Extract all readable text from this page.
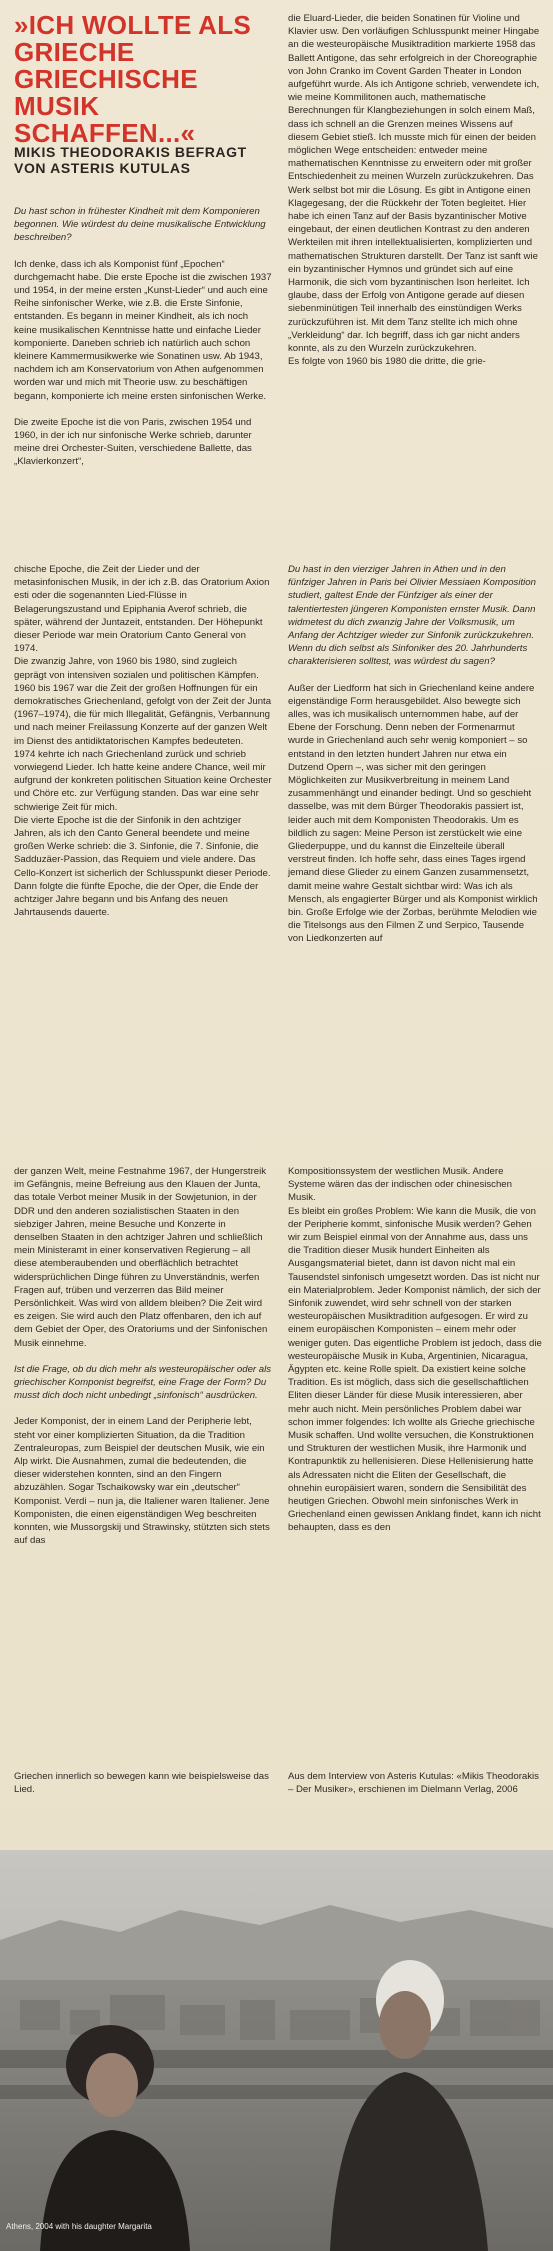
»ICH WOLLTE ALS GRIECHE GRIECHISCHE MUSIK SCHAFFEN...«
MIKIS THEODORAKIS BEFRAGT VON ASTERIS KUTULAS

Du hast schon in frühester Kindheit mit dem Komponieren begonnen. Wie würdest du deine musikalische Entwicklung beschreiben?

Ich denke, dass ich als Komponist fünf „Epochen“ durchgemacht habe. Die erste Epoche ist die zwischen 1937 und 1954, in der meine ersten „Kunst-Lieder“ und auch eine Reihe sinfonischer Werke, wie z.B. die Erste Sinfonie, entstanden. Es begann in meiner Kindheit, als ich noch keine musikalischen Kenntnisse hatte und einfache Lieder komponierte. Daneben schrieb ich natürlich auch schon kleinere Kammermusikwerke wie Sonatinen usw. Ab 1943, nachdem ich am Konservatorium von Athen aufgenommen worden war und mich mit Theorie usw. zu beschäftigen begann, komponierte ich meine ersten sinfonischen Werke.

Die zweite Epoche ist die von Paris, zwischen 1954 und 1960, in der ich nur sinfonische Werke schrieb, darunter meine drei Orchester-Suiten, verschiedene Ballette, das „Klavierkonzert“,

die Eluard-Lieder, die beiden Sonatinen für Violine und Klavier usw. Den vorläufigen Schlusspunkt meiner Hingabe an die westeuropäische Musiktradition markierte 1958 das Ballett Antigone, das sehr erfolgreich in der Choreographie von John Cranko im Covent Garden Theater in London aufgeführt wurde. Als ich Antigone schrieb, verwendete ich, wie meine Kommilitonen auch, mathematische Berechnungen für Klangbeziehungen in solch einem Maß, dass ich schnell an die Grenzen meines Wissens auf diesem Gebiet stieß. Ich musste mich für einen der beiden möglichen Wege entscheiden: entweder meine mathematischen Kenntnisse zu erweitern oder mit großer Entschiedenheit zu meinen Wurzeln zurückzukehren. Das Werk selbst bot mir die Lösung. Es gibt in Antigone einen Klagegesang, der die Rückkehr der Toten begleitet. Hier habe ich einen Tanz auf der Basis byzantinischer Motive eingebaut, der einen deutlichen Kontrast zu den anderen Werkteilen mit ihren intellektualisierten, komplizierten und mathematischen Strukturen darstellt. Der Tanz ist sanft wie ein byzantinischer Hymnos und gründet sich auf eine Harmonik, die sich vom byzantinischen Ison herleitet. Ich glaube, dass der Erfolg von Antigone gerade auf diesen siebenminütigen Teil innerhalb des einstündigen Werks zurückzuführen ist. Mit dem Tanz stellte ich mich ohne „Verkleidung“ dar. Ich begriff, dass ich gar nicht anders konnte, als zu den Wurzeln zurückzukehren.

Es folgte von 1960 bis 1980 die dritte, die grie-

chische Epoche, die Zeit der Lieder und der metasinfonischen Musik, in der ich z.B. das Oratorium Axion esti oder die sogenannten Lied-Flüsse in Belagerungszustand und Epiphania Averof schrieb, die später, während der Juntazeit, entstanden. Der Höhepunkt dieser Periode war mein Oratorium Canto General von 1974.

Die zwanzig Jahre, von 1960 bis 1980, sind zugleich geprägt von intensiven sozialen und politischen Kämpfen. 1960 bis 1967 war die Zeit der großen Hoffnungen für ein demokratisches Griechenland, gefolgt von der Zeit der Junta (1967–1974), die für mich Illegalität, Gefängnis, Verbannung und nach meiner Freilassung Konzerte auf der ganzen Welt im Dienst des antidiktatorischen Kampfes bedeuteten.

1974 kehrte ich nach Griechenland zurück und schrieb vorwiegend Lieder. Ich hatte keine andere Chance, weil mir aufgrund der konkreten politischen Situation keine Orchester und Chöre etc. zur Verfügung standen. Das war eine sehr schwierige Zeit für mich.

Die vierte Epoche ist die der Sinfonik in den achtziger Jahren, als ich den Canto General beendete und meine großen Werke schrieb: die 3. Sinfonie, die 7. Sinfonie, die Sadduzäer-Passion, das Requiem und viele andere. Das Cello-Konzert ist sicherlich der Schlusspunkt dieser Periode.

Dann folgte die fünfte Epoche, die der Oper, die Ende der achtziger Jahre begann und bis Anfang des neuen Jahrtausends dauerte.

Du hast in den vierziger Jahren in Athen und in den fünfziger Jahren in Paris bei Olivier Messiaen Komposition studiert, galtest Ende der Fünfziger als einer der talentiertesten jüngeren Komponisten ernster Musik. Dann widmetest du dich zwanzig Jahre der Volksmusik, um Anfang der Achtziger wieder zur Sinfonik zurückzukehren. Wenn du dich selbst als Sinfoniker des 20. Jahrhunderts charakterisieren solltest, was würdest du sagen?

Außer der Liedform hat sich in Griechenland keine andere eigenständige Form herausgebildet. Also bewegte sich alles, was ich musikalisch unternommen habe, auf der Ebene der Forschung. Denn neben der Formenarmut wurde in Griechenland auch sehr wenig komponiert – so entstand in den letzten hundert Jahren nur etwa ein Dutzend Opern –, was sicher mit den geringen Möglichkeiten zur Musikverbreitung in meinem Land zusammenhängt und einander bedingt. Und so geschieht dasselbe, was mit dem Bürger Theodorakis passiert ist, leider auch mit dem Komponisten Theodorakis. Um es bildlich zu sagen: Meine Person ist zerstückelt wie eine Gliederpuppe, und du kannst die Einzelteile überall verstreut finden. Ich hoffe sehr, dass eines Tages irgend jemand diese Glieder zu einem Ganzen zusammensetzt, damit meine wahre Gestalt sichtbar wird: Was ich als Mensch, als engagierter Bürger und als Komponist wirklich bin. Große Erfolge wie der Zorbas, berühmte Melodien wie die Titelsongs aus den Filmen Z und Serpico, Tausende von Liedkonzerten auf

der ganzen Welt, meine Festnahme 1967, der Hungerstreik im Gefängnis, meine Befreiung aus den Klauen der Junta, das totale Verbot meiner Musik in der Sowjetunion, in der DDR und den anderen sozialistischen Staaten in den siebziger Jahren, meine Besuche und Konzerte in denselben Staaten in den achtziger Jahren und schließlich mein Ministeramt in einer konservativen Regierung – all diese atemberaubenden und oberflächlich betrachtet widersprüchlichen Dinge führen zu Unverständnis, werfen Fragen auf, trüben und verzerren das Bild meiner Persönlichkeit. Was wird von alldem bleiben? Die Zeit wird es zeigen. Sie wird auch den Platz offenbaren, den ich auf dem Gebiet der Oper, des Oratoriums und der Sinfonischen Musik einnehme.

Ist die Frage, ob du dich mehr als westeuropäischer oder als griechischer Komponist begreifst, eine Frage der Form? Du musst dich doch nicht unbedingt „sinfonisch“ ausdrücken.

Jeder Komponist, der in einem Land der Peripherie lebt, steht vor einer komplizierten Situation, da die Tradition Zentraleuropas, zum Beispiel der deutschen Musik, wie ein Alp wirkt. Die Ausnahmen, zumal die bedeutenden, die dieser widerstehen konnten, sind an den Fingern abzuzählen. Sogar Tschaikowsky war ein „deutscher“ Komponist. Verdi – nun ja, die Italiener waren Italiener. Jene Komponisten, die einen eigenständigen Weg beschreiten konnten, wie Mussorgskij und Strawinsky, stützten sich stets auf das

Kompositionssystem der westlichen Musik. Andere Systeme wären das der indischen oder chinesischen Musik.

Es bleibt ein großes Problem: Wie kann die Musik, die von der Peripherie kommt, sinfonische Musik werden? Gehen wir zum Beispiel einmal von der Annahme aus, dass uns die Tradition dieser Musik hundert Einheiten als Ausgangsmaterial bietet, dann ist davon nicht mal ein Tausendstel sinfonisch umgesetzt worden. Das ist nicht nur ein Materialproblem. Jeder Komponist nämlich, der sich der Sinfonik zuwendet, wird sehr schnell von der starken westeuropäischen Musiktradition aufgesogen. Er wird zu einem europäischen Komponisten – einem mehr oder weniger guten. Das eigentliche Problem ist jedoch, dass die westeuropäische Musik in Kuba, Argentinien, Nicaragua, Ägypten etc. keine Rolle spielt. Da existiert keine solche Tradition. Es ist möglich, dass sich die gesellschaftlichen Eliten dieser Länder für diese Musik interessieren, aber mehr auch nicht. Mein persönliches Problem dabei war schon immer folgendes: Ich wollte als Grieche griechische Musik schaffen. Und wollte versuchen, die Konstruktionen und Strukturen der westlichen Musik, ihre Harmonik und Kontrapunktik zu hellenisieren. Diese Hellenisierung hatte als Adressaten nicht die Eliten der Gesellschaft, die ohnehin europäisiert waren, sondern die Sensibilität des heutigen Griechen. Obwohl mein sinfonisches Werk in Griechenland einen gewissen Anklang findet, kann ich nicht behaupten, dass es den

Griechen innerlich so bewegen kann wie beispielsweise das Lied.

Aus dem Interview von Asteris Kutulas: «Mikis Theodorakis – Der Musiker», erschienen im Dielmann Verlag, 2006

Athens, 2004 with his daughter Margarita
